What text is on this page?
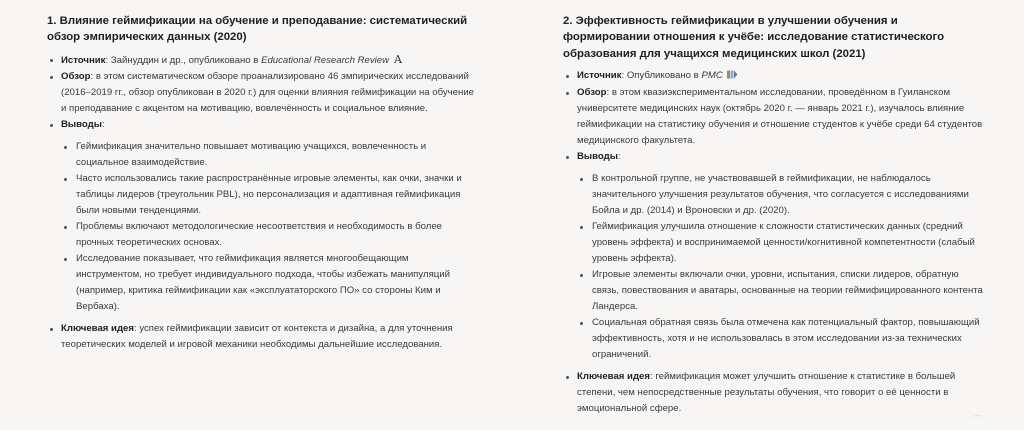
1. Влияние геймификации на обучение и преподавание: систематический обзор эмпирических данных (2020)
Источник: Зайнуддин и др., опубликовано в Educational Research Review A
Обзор: в этом систематическом обзоре проанализировано 46 эмпирических исследований (2016–2019 гг., обзор опубликован в 2020 г.) для оценки влияния геймификации на обучение и преподавание с акцентом на мотивацию, вовлечённость и социальное влияние.
Выводы:
Геймификация значительно повышает мотивацию учащихся, вовлеченность и социальное взаимодействие.
Часто использовались такие распространённые игровые элементы, как очки, значки и таблицы лидеров (треугольник PBL), но персонализация и адаптивная геймификация были новыми тенденциями.
Проблемы включают методологические несоответствия и необходимость в более прочных теоретических основах.
Исследование показывает, что геймификация является многообещающим инструментом, но требует индивидуального подхода, чтобы избежать манипуляций (например, критика геймификации как «эксплуататорского ПО» со стороны Ким и Вербаха).
Ключевая идея: успех геймификации зависит от контекста и дизайна, а для уточнения теоретических моделей и игровой механики необходимы дальнейшие исследования.
2. Эффективность геймификации в улучшении обучения и формировании отношения к учёбе: исследование статистического образования для учащихся медицинских школ (2021)
Источник: Опубликовано в PMC
Обзор: в этом квазиэкспериментальном исследовании, проведённом в Гуиланском университете медицинских наук (октябрь 2020 г. — январь 2021 г.), изучалось влияние геймификации на статистику обучения и отношение студентов к учёбе среди 64 студентов медицинского факультета.
Выводы:
В контрольной группе, не участвовавшей в геймификации, не наблюдалось значительного улучшения результатов обучения, что согласуется с исследованиями Бойла и др. (2014) и Вроновски и др. (2020).
Геймификация улучшила отношение к сложности статистических данных (средний уровень эффекта) и воспринимаемой ценности/когнитивной компетентности (слабый уровень эффекта).
Игровые элементы включали очки, уровни, испытания, списки лидеров, обратную связь, повествования и аватары, основанные на теории геймифицированного контента Ландерса.
Социальная обратная связь была отмечена как потенциальный фактор, повышающий эффективность, хотя и не использовалась в этом исследовании из-за технических ограничений.
Ключевая идея: геймификация может улучшить отношение к статистике в большей степени, чем непосредственные результаты обучения, что говорит о её ценности в эмоциональной сфере.
